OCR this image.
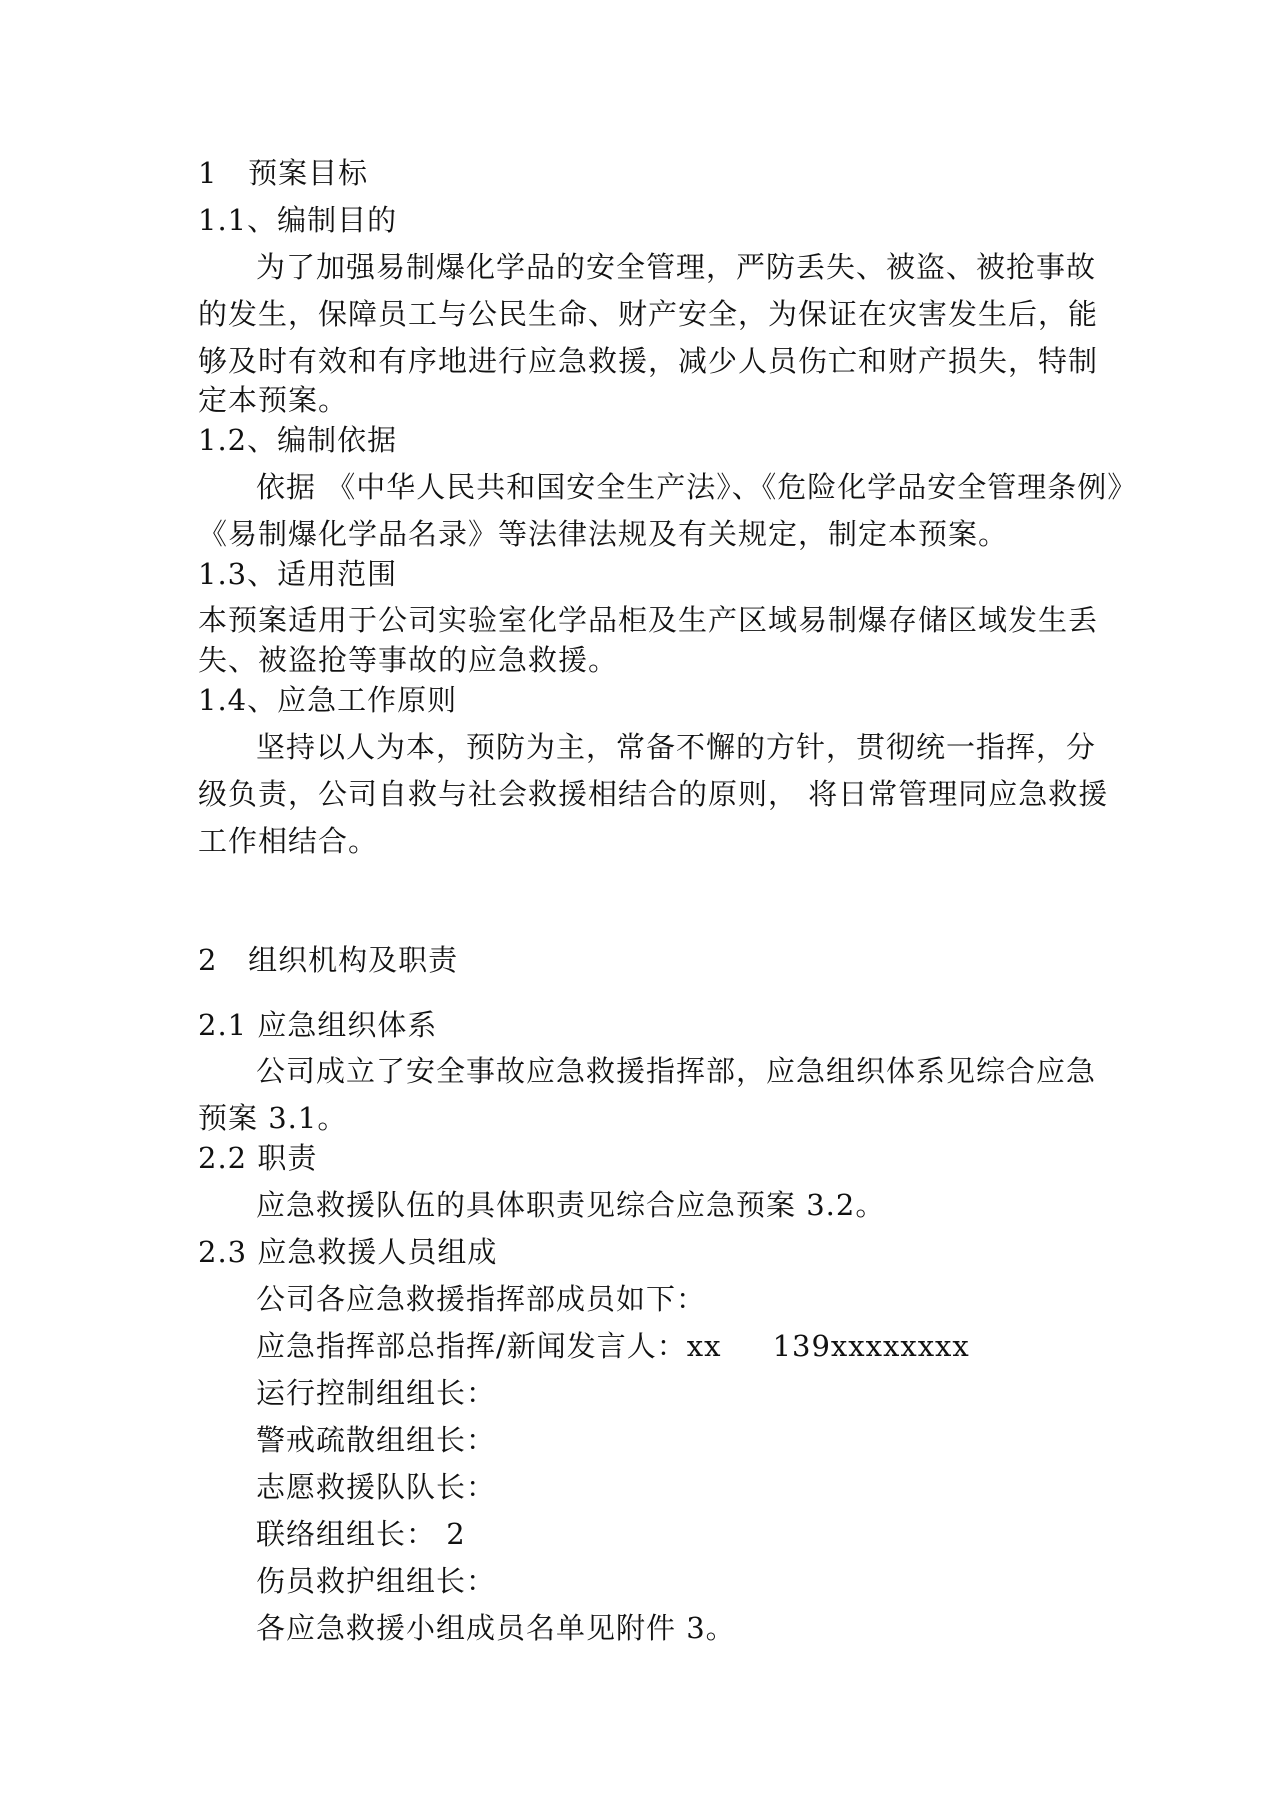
1   预案目标
1.1、编制目的
为了加强易制爆化学品的安全管理，严防丢失、被盗、被抢事故
的发生，保障员工与公民生命、财产安全，为保证在灾害发生后，能
够及时有效和有序地进行应急救援，减少人员伤亡和财产损失，特制
定本预案。
1.2、编制依据
依据 《中华人民共和国安全生产法》、《危险化学品安全管理条例》
《易制爆化学品名录》等法律法规及有关规定，制定本预案。
1.3、适用范围
本预案适用于公司实验室化学品柜及生产区域易制爆存储区域发生丢
失、被盗抢等事故的应急救援。
1.4、应急工作原则
坚持以人为本，预防为主，常备不懈的方针，贯彻统一指挥，分
级负责，公司自救与社会救援相结合的原则， 将日常管理同应急救援
工作相结合。
2   组织机构及职责
2.1 应急组织体系
公司成立了安全事故应急救援指挥部，应急组织体系见综合应急
预案 3.1。
2.2 职责
应急救援队伍的具体职责见综合应急预案 3.2。
2.3 应急救援人员组成
公司各应急救援指挥部成员如下：
应急指挥部总指挥/新闻发言人：xx     139xxxxxxxx
运行控制组组长：
警戒疏散组组长：
志愿救援队队长：
联络组组长： 2
伤员救护组组长：
各应急救援小组成员名单见附件 3。
